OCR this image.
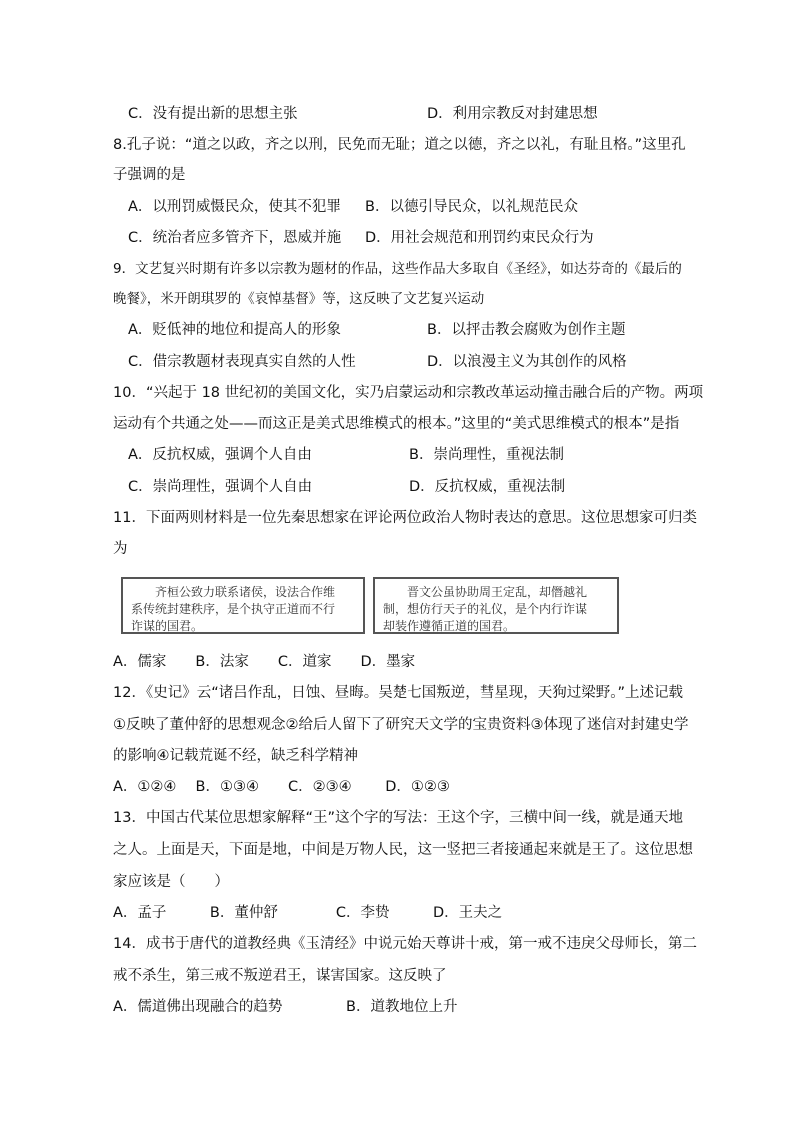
C．没有提出新的思想主张	D．利用宗教反对封建思想
8.孔子说：“道之以政，齐之以刑，民免而无耻；道之以德，齐之以礼，有耻且格。”这里孔
子强调的是
A．以刑罚威慑民众，使其不犯罪 B．以德引导民众，以礼规范民众
C．统治者应多管齐下，恩威并施 D．用社会规范和刑罚约束民众行为
9．文艺复兴时期有许多以宗教为题材的作品，这些作品大多取自《圣经》，如达芬奇的《最后的
晚餐》，米开朗琪罗的《哀悼基督》等，这反映了文艺复兴运动
A．贬低神的地位和提高人的形象	B．以抨击教会腐败为创作主题
C．借宗教题材表现真实自然的人性	D．以浪漫主义为其创作的风格
10．“兴起于 18 世纪初的美国文化，实乃启蒙运动和宗教改革运动撞击融合后的产物。两项
运动有个共通之处——而这正是美式思维模式的根本。”这里的“美式思维模式的根本”是指
A．反抗权威，强调个人自由	B．崇尚理性，重视法制
C．崇尚理性，强调个人自由	D．反抗权威，重视法制
11．下面两则材料是一位先秦思想家在评论两位政治人物时表达的意思。这位思想家可归类
为
齐桓公致力联系诸侯，设法合作维
系传统封建秩序，是个执守正道而不行
诈谋的国君。
晋文公虽协助周王定乱，却僭越礼
制，想仿行天子的礼仪，是个内行诈谋
却装作遵循正道的国君。
A．儒家　　B．法家　　C．道家　　D．墨家
12．《史记》云“诸吕作乱，日蚀、昼晦。吴楚七国叛逆，彗星现，天狗过梁野。”上述记载
①反映了董仲舒的思想观念②给后人留下了研究天文学的宝贵资料③体现了迷信对封建史学
的影响④记载荒诞不经，缺乏科学精神
A．①②④　 B．①③④　　C．②③④　　 D．①②③
13．中国古代某位思想家解释“王”这个字的写法：王这个字，三横中间一线，就是通天地
之人。上面是天，下面是地，中间是万物人民，这一竖把三者接通起来就是王了。这位思想
家应该是（　　）
A．孟子　　　B．董仲舒　　　　C．李贽　　　D．王夫之
14．成书于唐代的道教经典《玉清经》中说元始天尊讲十戒，第一戒不违戾父母师长，第二
戒不杀生，第三戒不叛逆君王，谋害国家。这反映了
A．儒道佛出现融合的趋势	B．道教地位上升
